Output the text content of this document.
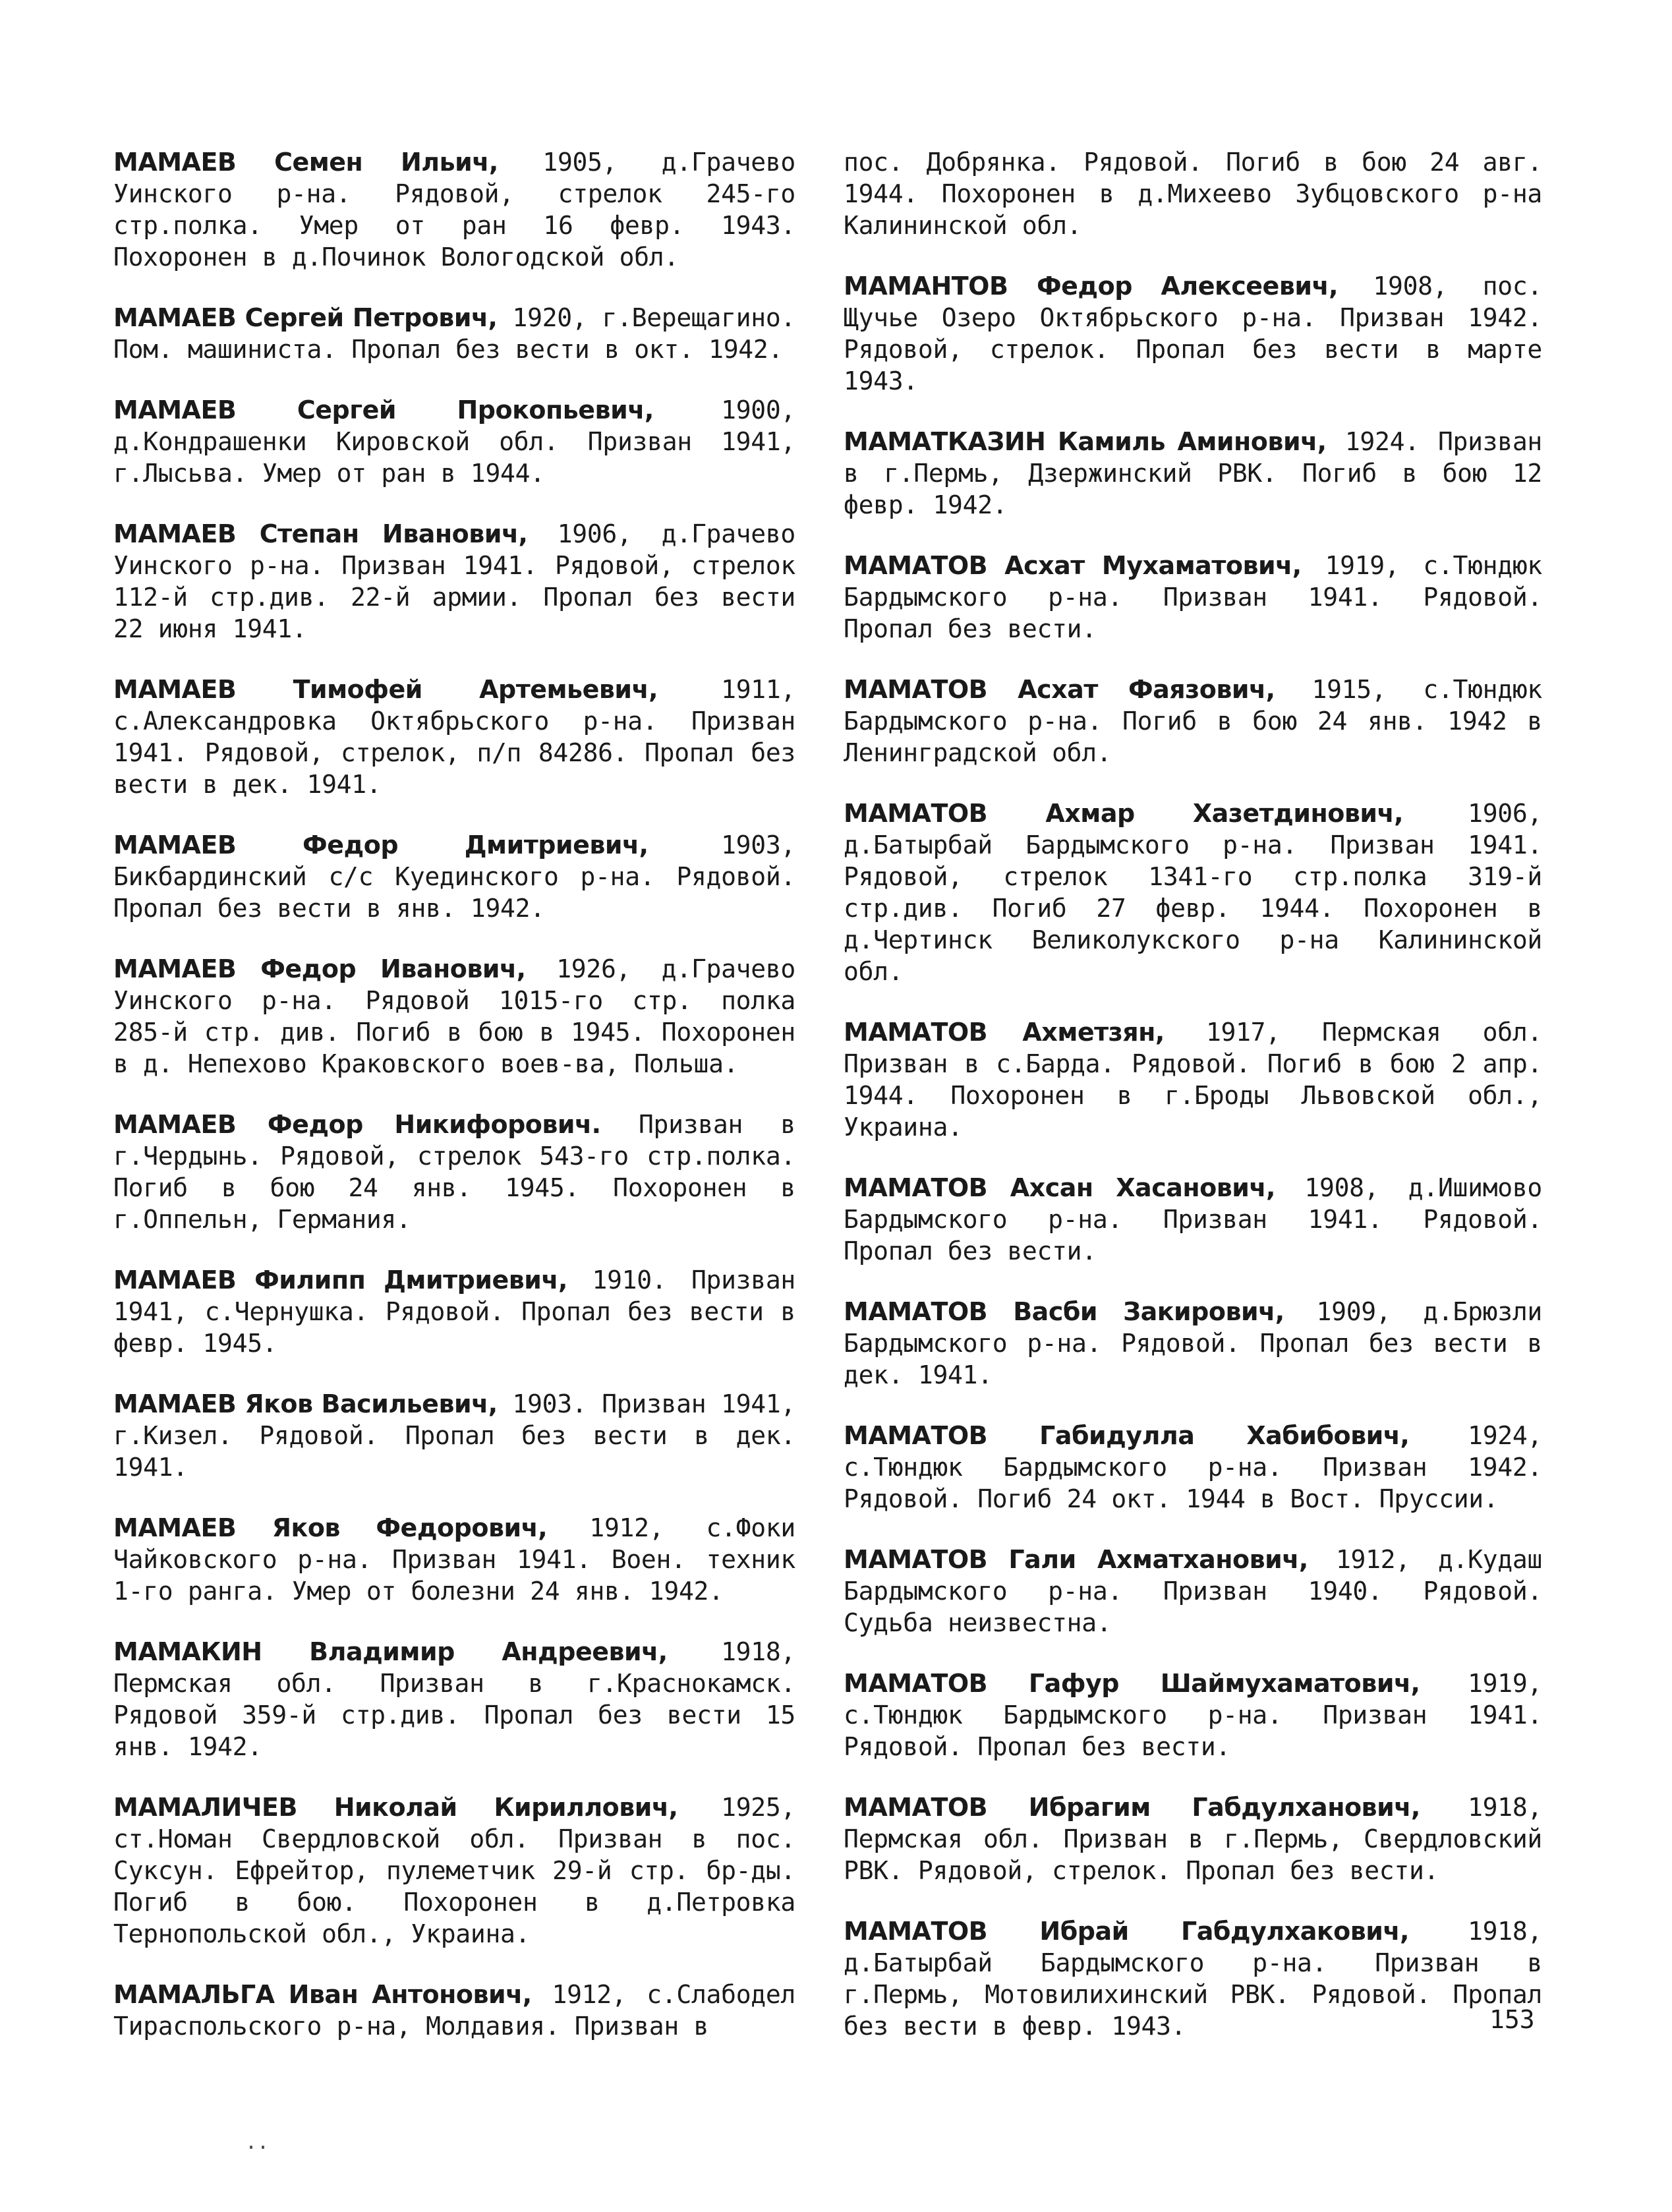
МАМАЕВ Семен Ильич, 1905, д.Грачево Уинского р-на. Рядовой, стрелок 245-го стр.полка. Умер от ран 16 февр. 1943. Похоронен в д.Починок Вологодской обл.

МАМАЕВ Сергей Петрович, 1920, г.Верещагино. Пом. машиниста. Пропал без вести в окт. 1942.

МАМАЕВ Сергей Прокопьевич, 1900, д.Кондрашенки Кировской обл. Призван 1941, г.Лысьва. Умер от ран в 1944.

МАМАЕВ Степан Иванович, 1906, д.Грачево Уинского р-на. Призван 1941. Рядовой, стрелок 112-й стр.див. 22-й армии. Пропал без вести 22 июня 1941.

МАМАЕВ Тимофей Артемьевич, 1911, с.Александровка Октябрьского р-на. Призван 1941. Рядовой, стрелок, п/п 84286. Пропал без вести в дек. 1941.

МАМАЕВ Федор Дмитриевич, 1903, Бикбардинский с/с Куединского р-на. Рядовой. Пропал без вести в янв. 1942.

МАМАЕВ Федор Иванович, 1926, д.Грачево Уинского р-на. Рядовой 1015-го стр. полка 285-й стр. див. Погиб в бою в 1945. Похоронен в д. Непехово Краковского воев-ва, Польша.

МАМАЕВ Федор Никифорович. Призван в г.Чердынь. Рядовой, стрелок 543-го стр.полка. Погиб в бою 24 янв. 1945. Похоронен в г.Оппельн, Германия.

МАМАЕВ Филипп Дмитриевич, 1910. Призван 1941, с.Чернушка. Рядовой. Пропал без вести в февр. 1945.

МАМАЕВ Яков Васильевич, 1903. Призван 1941, г.Кизел. Рядовой. Пропал без вести в дек. 1941.

МАМАЕВ Яков Федорович, 1912, с.Фоки Чайковского р-на. Призван 1941. Воен. техник 1-го ранга. Умер от болезни 24 янв. 1942.

МАМАКИН Владимир Андреевич, 1918, Пермская обл. Призван в г.Краснокамск. Рядовой 359-й стр.див. Пропал без вести 15 янв. 1942.

МАМАЛИЧЕВ Николай Кириллович, 1925, ст.Номан Свердловской обл. Призван в пос. Суксун. Ефрейтор, пулеметчик 29-й стр. бр-ды. Погиб в бою. Похоронен в д.Петровка Тернопольской обл., Украина.

МАМАЛЬГА Иван Антонович, 1912, с.Слабодел Тираспольского р-на, Молдавия. Призван в

пос. Добрянка. Рядовой. Погиб в бою 24 авг. 1944. Похоронен в д.Михеево Зубцовского р-на Калининской обл.

МАМАНТОВ Федор Алексеевич, 1908, пос. Щучье Озеро Октябрьского р-на. Призван 1942. Рядовой, стрелок. Пропал без вести в марте 1943.

МАМАТКАЗИН Камиль Аминович, 1924. Призван в г.Пермь, Дзержинский РВК. Погиб в бою 12 февр. 1942.

МАМАТОВ Асхат Мухаматович, 1919, с.Тюндюк Бардымского р-на. Призван 1941. Рядовой. Пропал без вести.

МАМАТОВ Асхат Фаязович, 1915, с.Тюндюк Бардымского р-на. Погиб в бою 24 янв. 1942 в Ленинградской обл.

МАМАТОВ Ахмар Хазетдинович, 1906, д.Батырбай Бардымского р-на. Призван 1941. Рядовой, стрелок 1341-го стр.полка 319-й стр.див. Погиб 27 февр. 1944. Похоронен в д.Чертинск Великолукского р-на Калининской обл.

МАМАТОВ Ахметзян, 1917, Пермская обл. Призван в с.Барда. Рядовой. Погиб в бою 2 апр. 1944. Похоронен в г.Броды Львовской обл., Украина.

МАМАТОВ Ахсан Хасанович, 1908, д.Ишимово Бардымского р-на. Призван 1941. Рядовой. Пропал без вести.

МАМАТОВ Васби Закирович, 1909, д.Брюзли Бардымского р-на. Рядовой. Пропал без вести в дек. 1941.

МАМАТОВ Габидулла Хабибович, 1924, с.Тюндюк Бардымского р-на. Призван 1942. Рядовой. Погиб 24 окт. 1944 в Вост. Пруссии.

МАМАТОВ Гали Ахматханович, 1912, д.Кудаш Бардымского р-на. Призван 1940. Рядовой. Судьба неизвестна.

МАМАТОВ Гафур Шаймухаматович, 1919, с.Тюндюк Бардымского р-на. Призван 1941. Рядовой. Пропал без вести.

МАМАТОВ Ибрагим Габдулханович, 1918, Пермская обл. Призван в г.Пермь, Свердловский РВК. Рядовой, стрелок. Пропал без вести.

МАМАТОВ Ибрай Габдулхакович, 1918, д.Батырбай Бардымского р-на. Призван в г.Пермь, Мотовилихинский РВК. Рядовой. Пропал без вести в февр. 1943.	153
..
